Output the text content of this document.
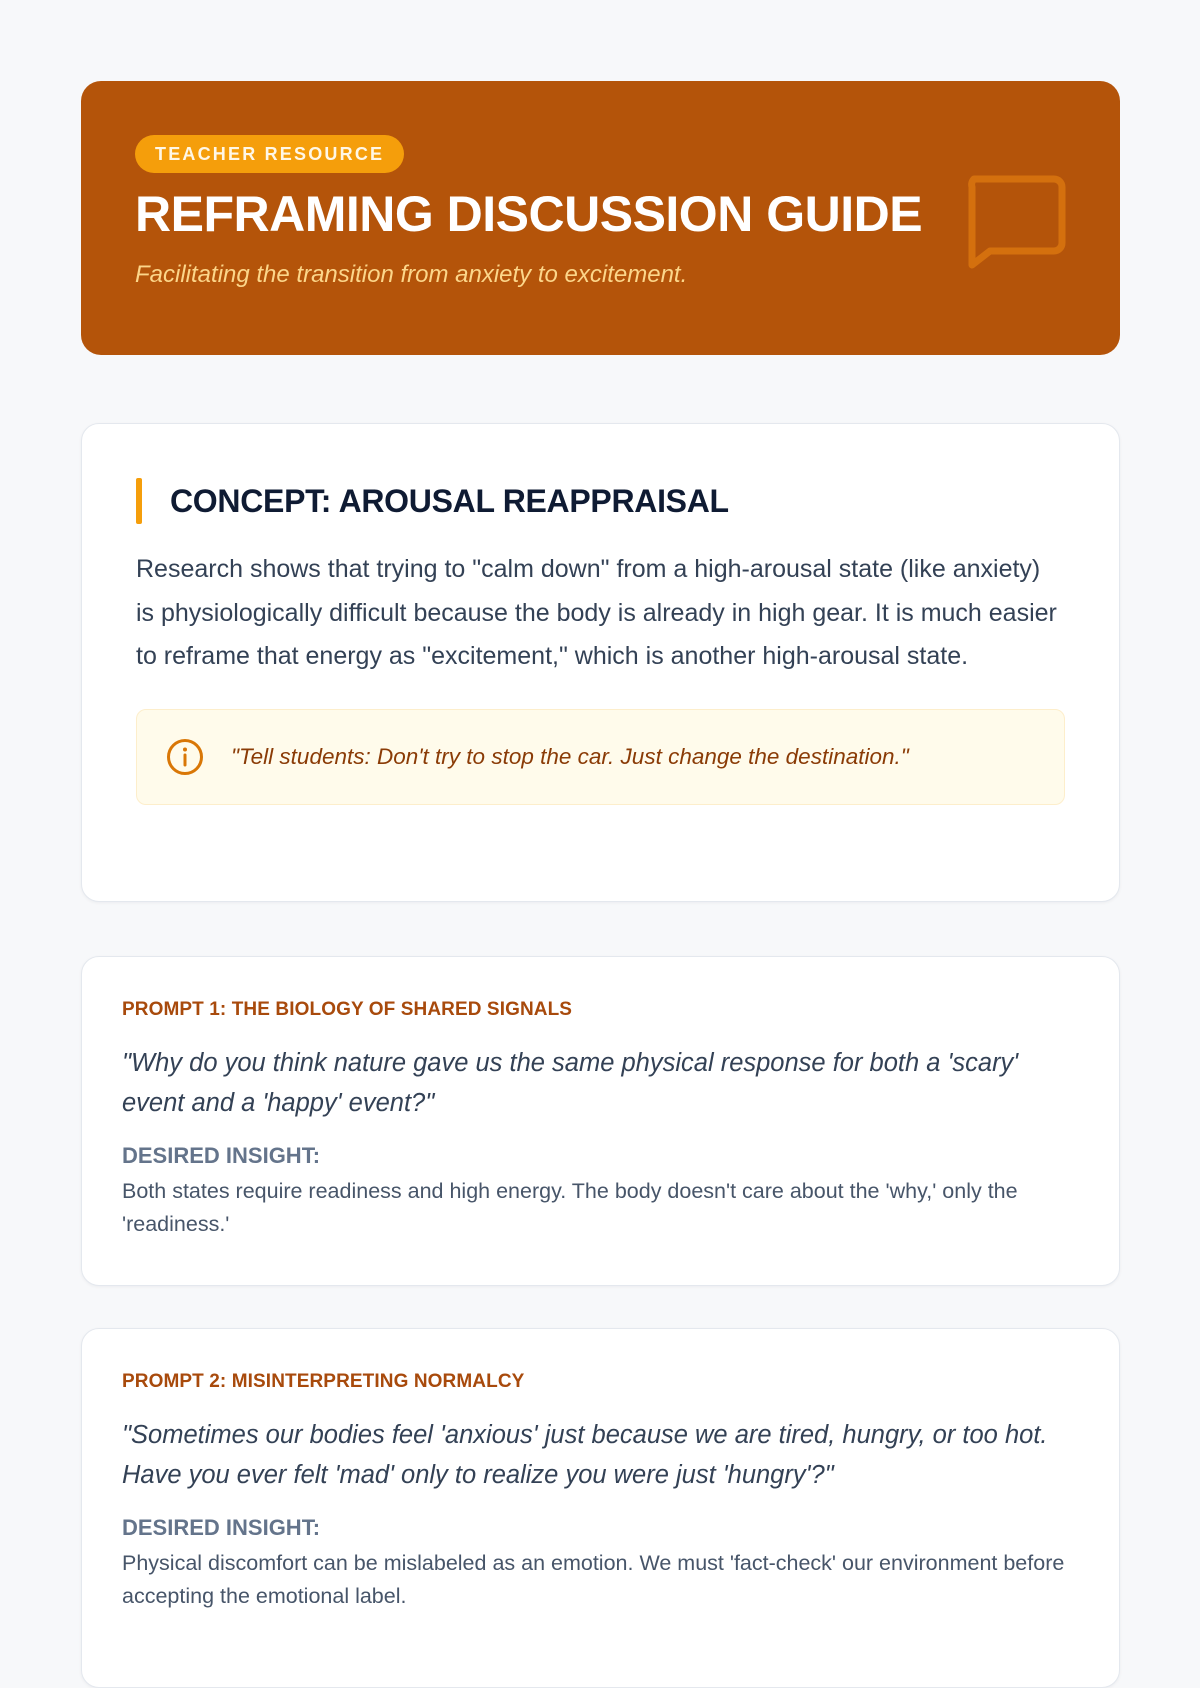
TEACHER RESOURCE
REFRAMING DISCUSSION GUIDE
Facilitating the transition from anxiety to excitement.
CONCEPT: AROUSAL REAPPRAISAL
Research shows that trying to "calm down" from a high-arousal state (like anxiety) is physiologically difficult because the body is already in high gear. It is much easier to reframe that energy as "excitement," which is another high-arousal state.
"Tell students: Don't try to stop the car. Just change the destination."
PROMPT 1: THE BIOLOGY OF SHARED SIGNALS
"Why do you think nature gave us the same physical response for both a 'scary' event and a 'happy' event?"
DESIRED INSIGHT:
Both states require readiness and high energy. The body doesn't care about the 'why,' only the 'readiness.'
PROMPT 2: MISINTERPRETING NORMALCY
"Sometimes our bodies feel 'anxious' just because we are tired, hungry, or too hot. Have you ever felt 'mad' only to realize you were just 'hungry'?"
DESIRED INSIGHT:
Physical discomfort can be mislabeled as an emotion. We must 'fact-check' our environment before accepting the emotional label.
